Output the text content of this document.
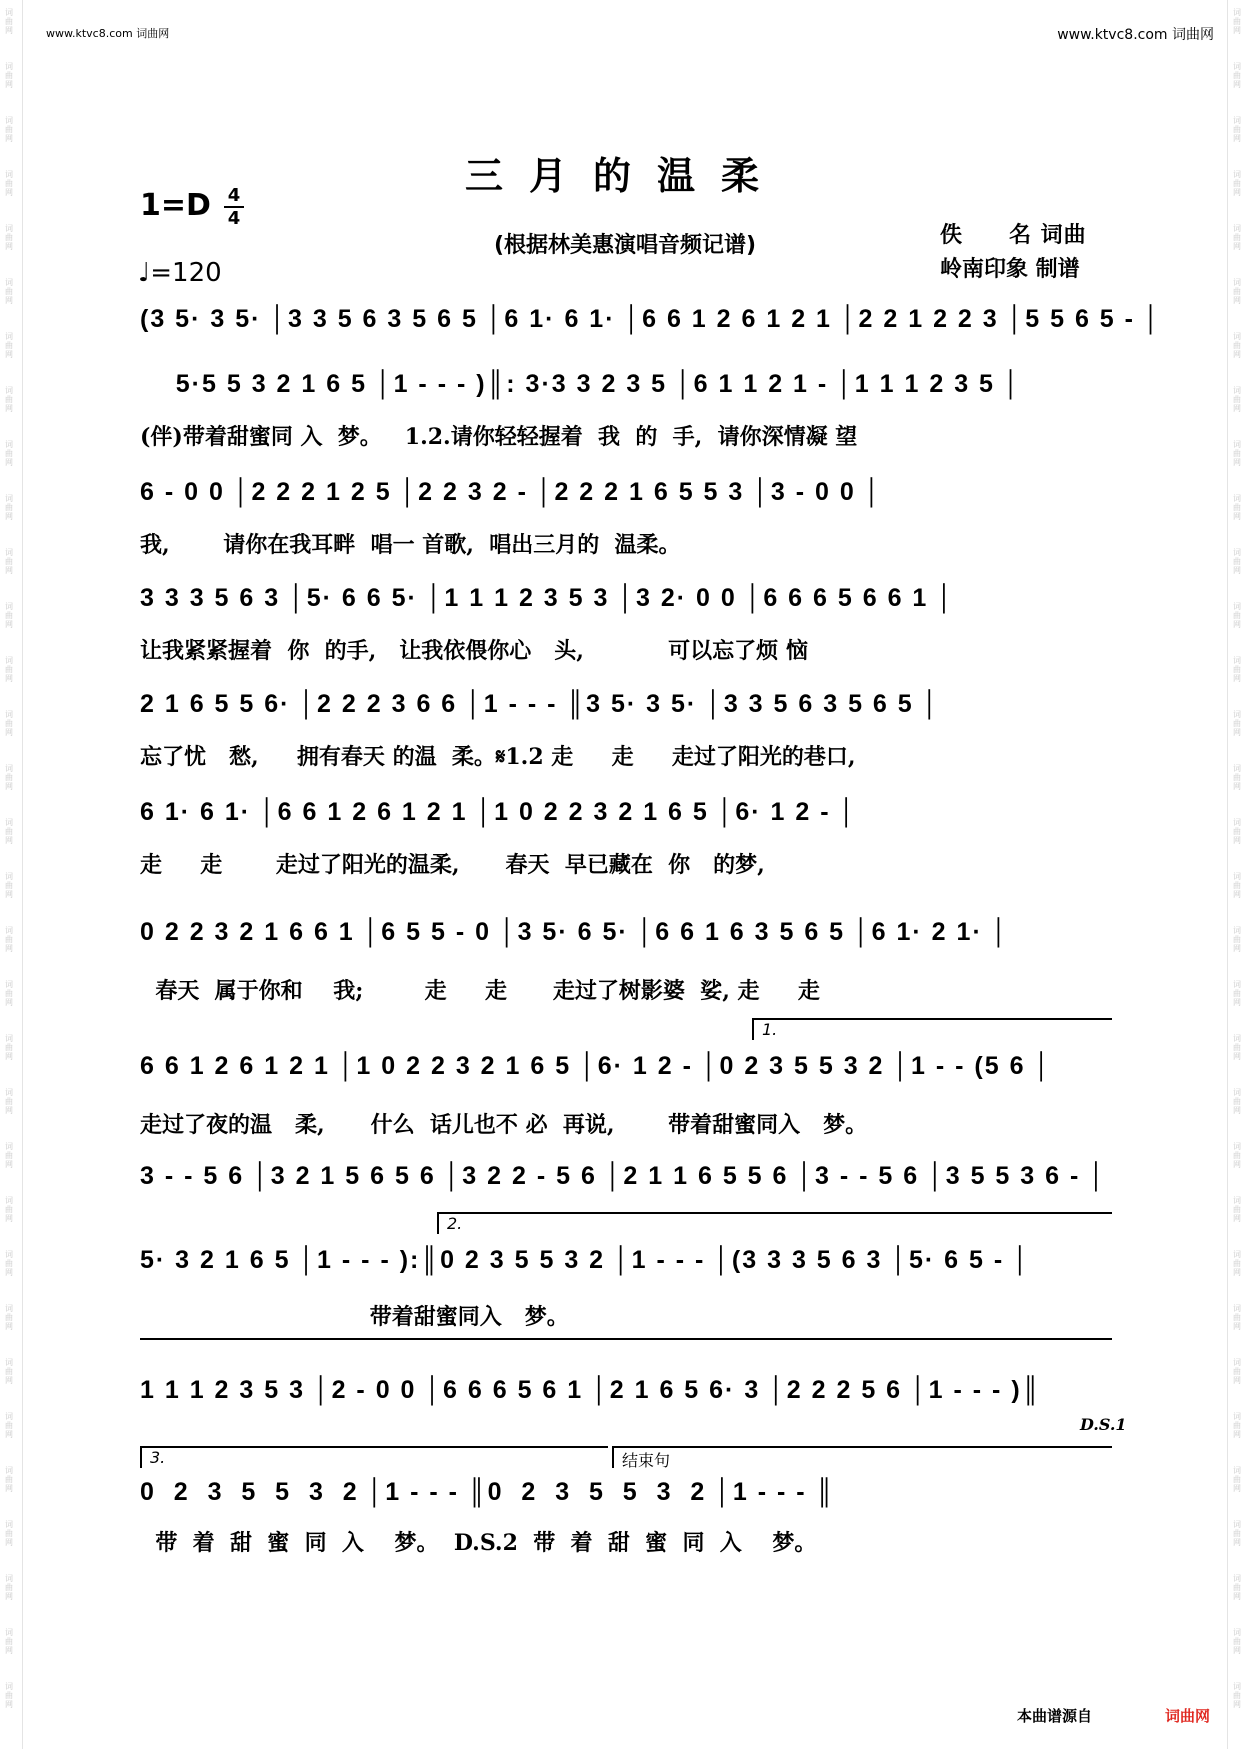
词曲网
词曲网
词曲网
词曲网
词曲网
词曲网
词曲网
词曲网
词曲网
词曲网
词曲网
词曲网
词曲网
词曲网
词曲网
词曲网
词曲网
词曲网
词曲网
词曲网
词曲网
词曲网
词曲网
词曲网
词曲网
词曲网
词曲网
词曲网
词曲网
词曲网
词曲网
词曲网
词曲网
词曲网
词曲网
词曲网
词曲网
词曲网
词曲网
词曲网
词曲网
词曲网
词曲网
词曲网
词曲网
词曲网
词曲网
词曲网
词曲网
词曲网
词曲网
词曲网
词曲网
词曲网
词曲网
词曲网
词曲网
词曲网
词曲网
词曲网
词曲网
词曲网
词曲网
词曲网
www.ktvc8.com 词曲网	www.ktvc8.com 词曲网
三月的温柔
1=D 4
4
(根据林美惠演唱音频记谱)	佚　　名 词曲
岭南印象 制谱
♩=120
(3 5· 3 5· │3 3 5 6 3 5 6 5 │6 1· 6 1· │6 6 1 2 6 1 2 1 │2 2 1 2 2 3 │5 5 6 5 - │
5·5 5 3 2 1 6 5 │1 - - - )║: 3·3 3 2 3 5 │6 1 1 2 1 - │1 1 1 2 3 5 │
(伴)带着甜蜜同 入  梦。   1.2.请你轻轻握着  我  的  手,  请你深情凝 望
6 - 0 0 │2 2 2 1 2 5 │2 2 3 2 - │2 2 2 1 6 5 5 3 │3 - 0 0 │
我,       请你在我耳畔  唱一 首歌,  唱出三月的  温柔。
3 3 3 5 6 3 │5· 6 6 5· │1 1 1 2 3 5 3 │3 2· 0 0 │6 6 6 5 6 6 1 │
让我紧紧握着  你  的手,   让我依偎你心   头,           可以忘了烦 恼
2 1 6 5 5 6· │2 2 2 3 6 6 │1 - - - ║3 5· 3 5· │3 3 5 6 3 5 6 5 │
忘了忧   愁,     拥有春天 的温  柔。𝄋1.2 走     走     走过了阳光的巷口,
6 1· 6 1· │6 6 1 2 6 1 2 1 │1 0 2 2 3 2 1 6 5 │6· 1 2 - │
走     走       走过了阳光的温柔,      春天  早已藏在  你   的梦,
0 2 2 3 2 1 6 6 1 │6 5 5 - 0 │3 5· 6 5· │6 6 1 6 3 5 6 5 │6 1· 2 1· │
春天  属于你和    我;        走     走      走过了树影婆  娑, 走     走
1.
6 6 1 2 6 1 2 1 │1 0 2 2 3 2 1 6 5 │6· 1 2 - │0 2 3 5 5 3 2 │1 - - (5 6 │
走过了夜的温   柔,      什么  话儿也不 必  再说,       带着甜蜜同入   梦。
3 - - 5 6 │3 2 1 5 6 5 6 │3 2 2 - 5 6 │2 1 1 6 5 5 6 │3 - - 5 6 │3 5 5 3 6 - │
2.
5· 3 2 1 6 5 │1 - - - ):║0 2 3 5 5 3 2 │1 - - - │(3 3 3 5 6 3 │5· 6 5 - │
带着甜蜜同入   梦。
1 1 1 2 3 5 3 │2 - 0 0 │6 6 6 5 6 1 │2 1 6 5 6· 3 │2 2 2 5 6 │1 - - - )║
D.S.1
3.	结束句
0  2  3  5  5  3  2 │1 - - - ║0  2  3  5  5  3  2 │1 - - - ║
带  着  甜  蜜  同  入    梦。  D.S.2  带  着  甜  蜜  同  入    梦。
本曲谱源自	词曲网
